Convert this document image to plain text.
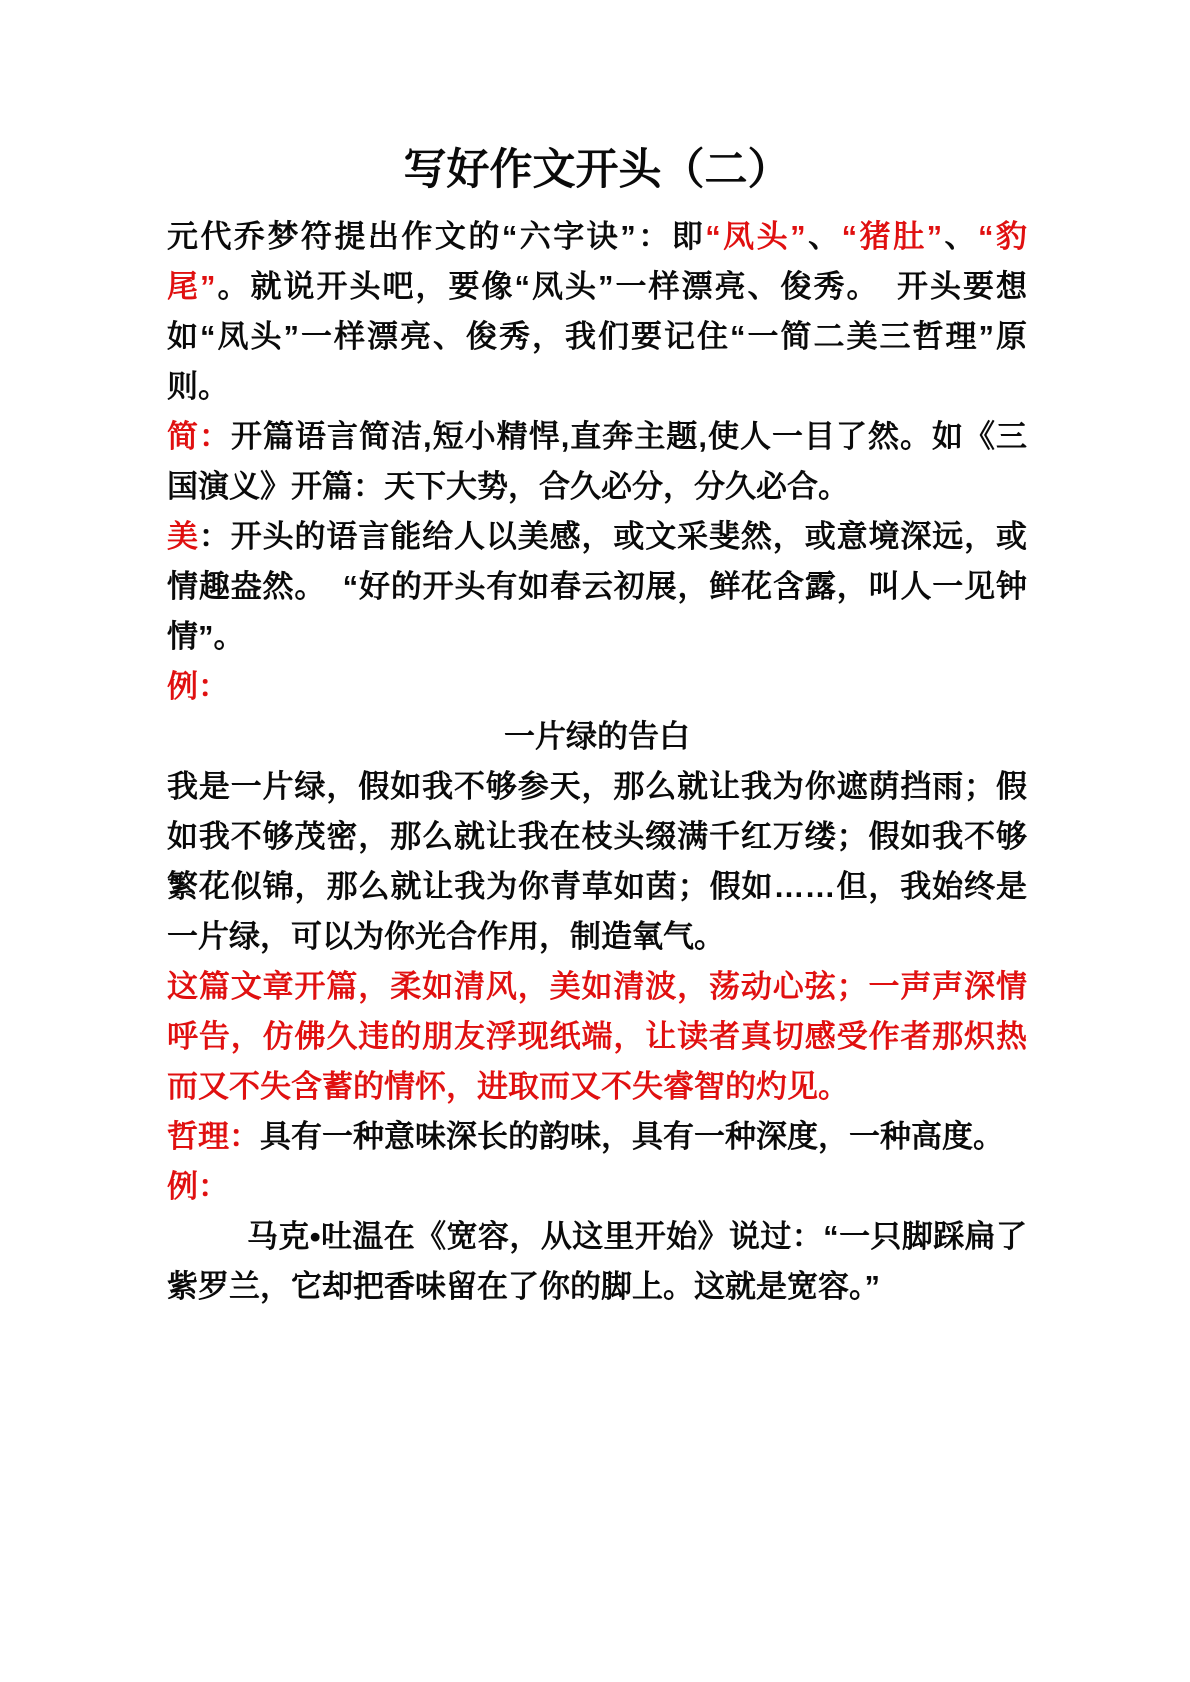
写好作文开头（二）

元代乔梦符提出作文的“六字诀”：即“凤头”、“猪肚”、“豹尾”。就说开头吧，要像“凤头”一样漂亮、俊秀。　开头要想如“凤头”一样漂亮、俊秀，我们要记住“一简二美三哲理”原则。

简：开篇语言简洁,短小精悍,直奔主题,使人一目了然。如《三国演义》开篇：天下大势，合久必分，分久必合。

美：开头的语言能给人以美感，或文采斐然，或意境深远，或情趣盎然。　“好的开头有如春云初展，鲜花含露，叫人一见钟情”。

例：

一片绿的告白

我是一片绿，假如我不够参天，那么就让我为你遮荫挡雨；假如我不够茂密，那么就让我在枝头缀满千红万缕；假如我不够繁花似锦，那么就让我为你青草如茵；假如……但，我始终是一片绿，可以为你光合作用，制造氧气。

这篇文章开篇，柔如清风，美如清波，荡动心弦；一声声深情呼告，仿佛久违的朋友浮现纸端，让读者真切感受作者那炽热而又不失含蓄的情怀，进取而又不失睿智的灼见。

哲理：具有一种意味深长的韵味，具有一种深度，一种高度。

例：

马克•吐温在《宽容，从这里开始》说过：“一只脚踩扁了紫罗兰，它却把香味留在了你的脚上。这就是宽容。”
